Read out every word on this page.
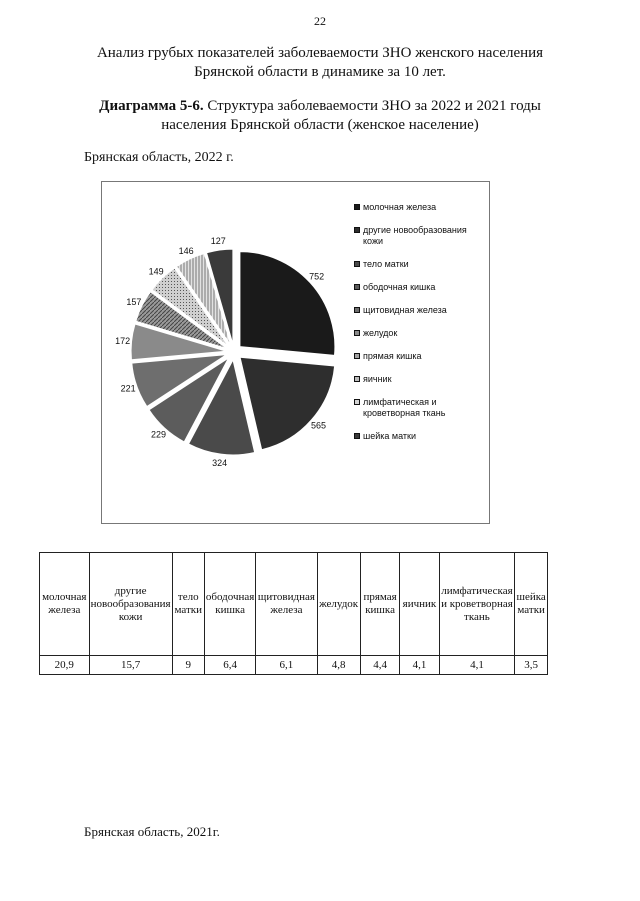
22
Анализ грубых показателей заболеваемости ЗНО женского населения
Брянской области в динамике за 10 лет.
Диаграмма 5-6. Структура заболеваемости ЗНО за 2022 и 2021 годы
населения Брянской области (женское население)
Брянская область, 2022 г.
752
565
324
229
221
172
157
149
146
127
молочная железа
другие новообразования кожи
тело матки
ободочная кишка
щитовидная железа
желудок
прямая кишка
яичник
лимфатическая и кроветворная ткань
шейка матки
молочная железа	другие новообразования кожи	тело матки	ободочная кишка	щитовидная железа	желудок	прямая кишка	яичник	лимфатическая и кроветворная ткань	шейка матки
20,9	15,7	9	6,4	6,1	4,8	4,4	4,1	4,1	3,5
Брянская область, 2021г.
